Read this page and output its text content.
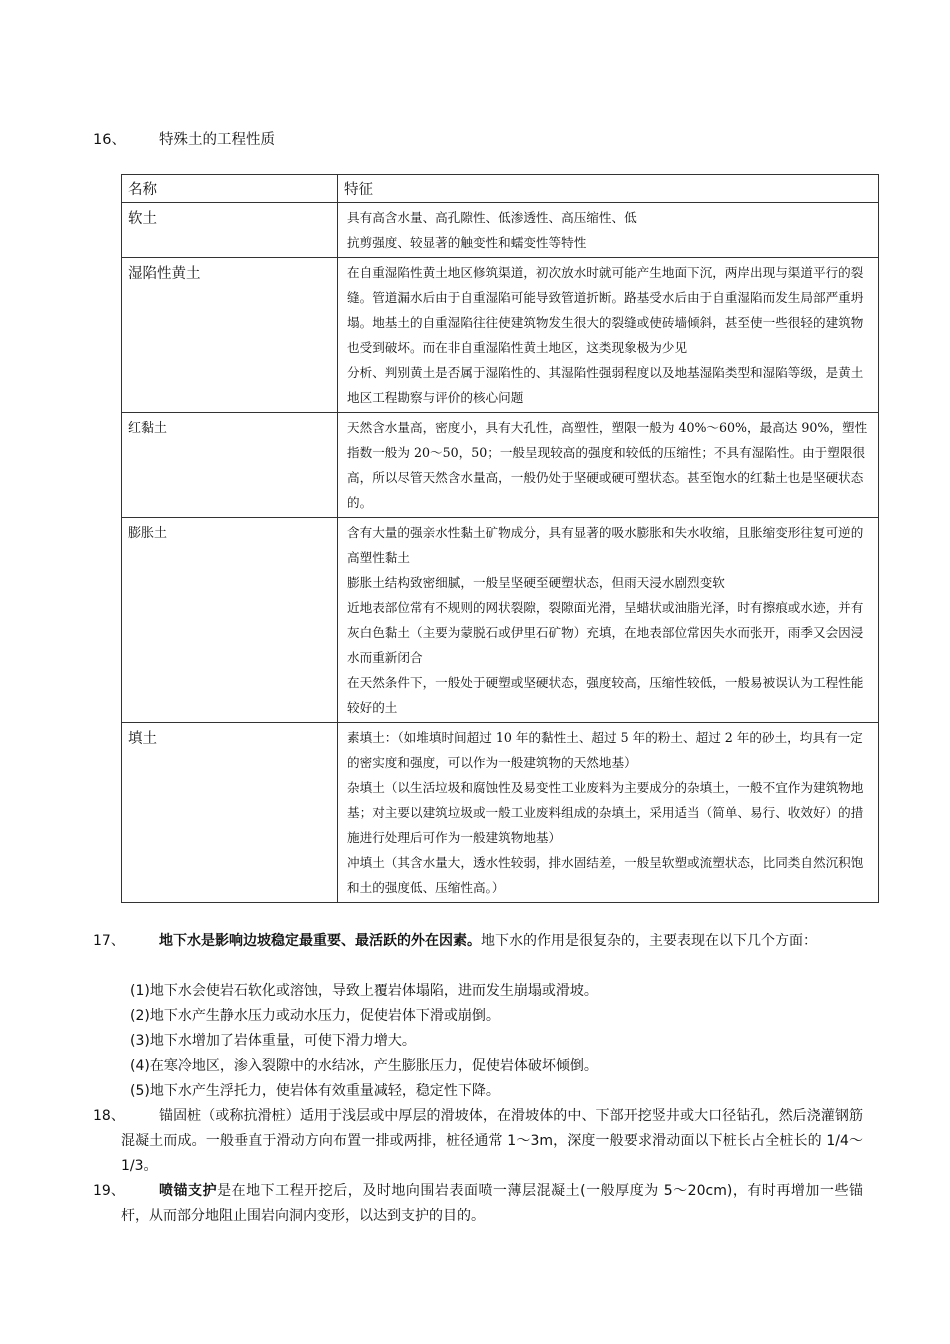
16、 特殊土的工程性质
名称	特征

软土	具有高含水量、高孔隙性、低渗透性、高压缩性、低

抗剪强度、较显著的触变性和蠕变性等特性

湿陷性黄土	在自重湿陷性黄土地区修筑渠道，初次放水时就可能产生地面下沉，两岸出现与渠道平行的裂缝。管道漏水后由于自重湿陷可能导致管道折断。路基受水后由于自重湿陷而发生局部严重坍塌。地基土的自重湿陷往往使建筑物发生很大的裂缝或使砖墙倾斜，甚至使一些很轻的建筑物也受到破坏。而在非自重湿陷性黄土地区，这类现象极为少见

分析、判别黄土是否属于湿陷性的、其湿陷性强弱程度以及地基湿陷类型和湿陷等级，是黄土地区工程勘察与评价的核心问题

红黏土	天然含水量高，密度小，具有大孔性，高塑性，塑限一般为 40%～60%，最高达 90%，塑性指数一般为 20～50，50；一般呈现较高的强度和较低的压缩性；不具有湿陷性。由于塑限很高，所以尽管天然含水量高，一般仍处于坚硬或硬可塑状态。甚至饱水的红黏土也是坚硬状态的。

膨胀土	含有大量的强亲水性黏土矿物成分，具有显著的吸水膨胀和失水收缩，且胀缩变形往复可逆的高塑性黏土

膨胀土结构致密细腻，一般呈坚硬至硬塑状态，但雨天浸水剧烈变软

近地表部位常有不规则的网状裂隙，裂隙面光滑，呈蜡状或油脂光泽，时有擦痕或水迹，并有灰白色黏土（主要为蒙脱石或伊里石矿物）充填，在地表部位常因失水而张开，雨季又会因浸水而重新闭合

在天然条件下，一般处于硬塑或坚硬状态，强度较高，压缩性较低，一般易被误认为工程性能较好的土

填土	素填土：（如堆填时间超过 10 年的黏性土、超过 5 年的粉土、超过 2 年的砂土，均具有一定的密实度和强度，可以作为一般建筑物的天然地基）

杂填土（以生活垃圾和腐蚀性及易变性工业废料为主要成分的杂填土，一般不宜作为建筑物地基；对主要以建筑垃圾或一般工业废料组成的杂填土，采用适当（简单、易行、收效好）的措施进行处理后可作为一般建筑物地基）

冲填土（其含水量大，透水性较弱，排水固结差，一般呈软塑或流塑状态，比同类自然沉积饱和土的强度低、压缩性高。）

17、	地下水是影响边坡稳定最重要、最活跃的外在因素。地下水的作用是很复杂的，主要表现在以下几个方面：
(1)地下水会使岩石软化或溶蚀，导致上覆岩体塌陷，进而发生崩塌或滑坡。
(2)地下水产生静水压力或动水压力，促使岩体下滑或崩倒。
(3)地下水增加了岩体重量，可使下滑力增大。
(4)在寒冷地区，渗入裂隙中的水结冰，产生膨胀压力，促使岩体破坏倾倒。
(5)地下水产生浮托力，使岩体有效重量减轻，稳定性下降。
18、	锚固桩（或称抗滑桩）适用于浅层或中厚层的滑坡体，在滑坡体的中、下部开挖竖井或大口径钻孔，然后浇灌钢筋混凝土而成。一般垂直于滑动方向布置一排或两排，桩径通常 1～3m，深度一般要求滑动面以下桩长占全桩长的 1/4～1/3。
19、	喷锚支护是在地下工程开挖后，及时地向围岩表面喷一薄层混凝土(一般厚度为 5～20cm)，有时再增加一些锚杆，从而部分地阻止围岩向洞内变形，以达到支护的目的。
